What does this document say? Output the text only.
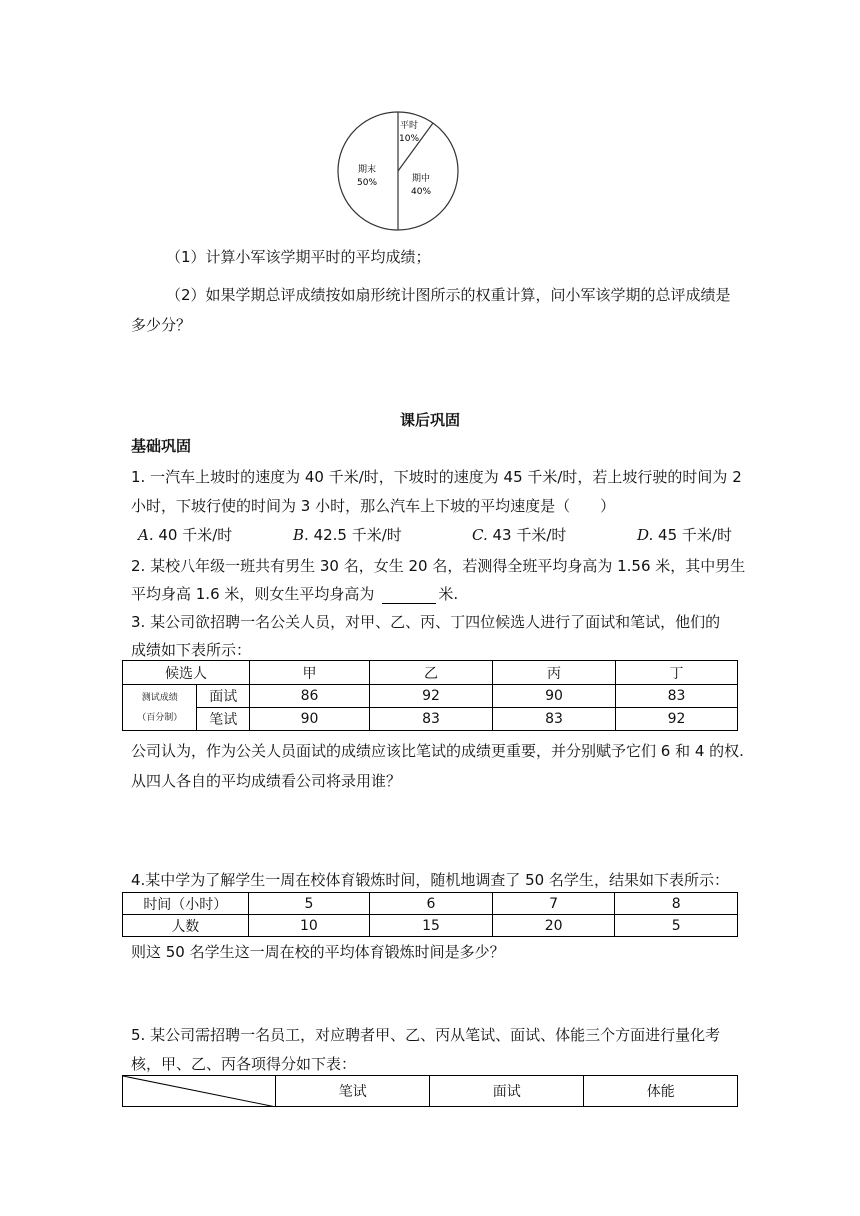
平时
10%
期中
40%
期末
50%
（1）计算小军该学期平时的平均成绩；
（2）如果学期总评成绩按如扇形统计图所示的权重计算，问小军该学期的总评成绩是
多少分？
课后巩固
基础巩固
1. 一汽车上坡时的速度为 40 千米/时，下坡时的速度为 45 千米/时，若上坡行驶的时间为 2
小时，下坡行使的时间为 3 小时，那么汽车上下坡的平均速度是（　　）
A. 40 千米/时	B. 42.5 千米/时	C. 43 千米/时	D. 45 千米/时
2. 某校八年级一班共有男生 30 名，女生 20 名，若测得全班平均身高为 1.56 米，其中男生
平均身高 1.6 米，则女生平均身高为	米.
3. 某公司欲招聘一名公关人员，对甲、乙、丙、丁四位候选人进行了面试和笔试，他们的
成绩如下表所示：
候选人		甲	乙	丙	丁

测试成绩
（百分制）	面试	86	92	90	83
	笔试	90	83	83	92
公司认为，作为公关人员面试的成绩应该比笔试的成绩更重要，并分别赋予它们 6 和 4 的权.
从四人各自的平均成绩看公司将录用谁？
4.某中学为了解学生一周在校体育锻炼时间，随机地调查了 50 名学生，结果如下表所示：
时间（小时）	5	6	7	8
人数	10	15	20	5
则这 50 名学生这一周在校的平均体育锻炼时间是多少？
5. 某公司需招聘一名员工，对应聘者甲、乙、丙从笔试、面试、体能三个方面进行量化考
核，甲、乙、丙各项得分如下表：
	笔试	面试	体能
